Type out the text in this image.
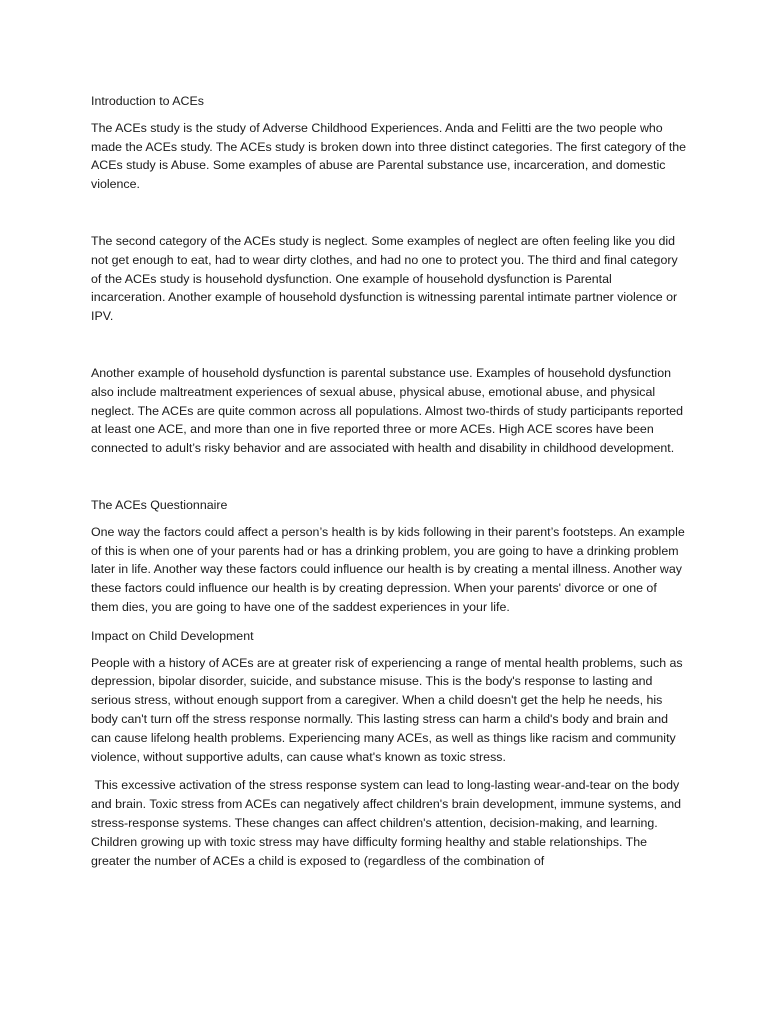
Introduction to ACEs

The ACEs study is the study of Adverse Childhood Experiences. Anda and Felitti are the two people who made the ACEs study. The ACEs study is broken down into three distinct categories. The first category of the ACEs study is Abuse. Some examples of abuse are Parental substance use, incarceration, and domestic violence.

The second category of the ACEs study is neglect. Some examples of neglect are often feeling like you did not get enough to eat, had to wear dirty clothes, and had no one to protect you. The third and final category of the ACEs study is household dysfunction. One example of household dysfunction is Parental incarceration. Another example of household dysfunction is witnessing parental intimate partner violence or IPV.

Another example of household dysfunction is parental substance use. Examples of household dysfunction also include maltreatment experiences of sexual abuse, physical abuse, emotional abuse, and physical neglect. The ACEs are quite common across all populations. Almost two-thirds of study participants reported at least one ACE, and more than one in five reported three or more ACEs. High ACE scores have been connected to adult’s risky behavior and are associated with health and disability in childhood development.

The ACEs Questionnaire

One way the factors could affect a person’s health is by kids following in their parent’s footsteps. An example of this is when one of your parents had or has a drinking problem, you are going to have a drinking problem later in life. Another way these factors could influence our health is by creating a mental illness. Another way these factors could influence our health is by creating depression. When your parents' divorce or one of them dies, you are going to have one of the saddest experiences in your life.

Impact on Child Development

People with a history of ACEs are at greater risk of experiencing a range of mental health problems, such as depression, bipolar disorder, suicide, and substance misuse. This is the body's response to lasting and serious stress, without enough support from a caregiver. When a child doesn't get the help he needs, his body can't turn off the stress response normally. This lasting stress can harm a child's body and brain and can cause lifelong health problems. Experiencing many ACEs, as well as things like racism and community violence, without supportive adults, can cause what's known as toxic stress.

This excessive activation of the stress response system can lead to long-lasting wear-and-tear on the body and brain. Toxic stress from ACEs can negatively affect children's brain development, immune systems, and stress-response systems. These changes can affect children's attention, decision-making, and learning. Children growing up with toxic stress may have difficulty forming healthy and stable relationships. The greater the number of ACEs a child is exposed to (regardless of the combination of
